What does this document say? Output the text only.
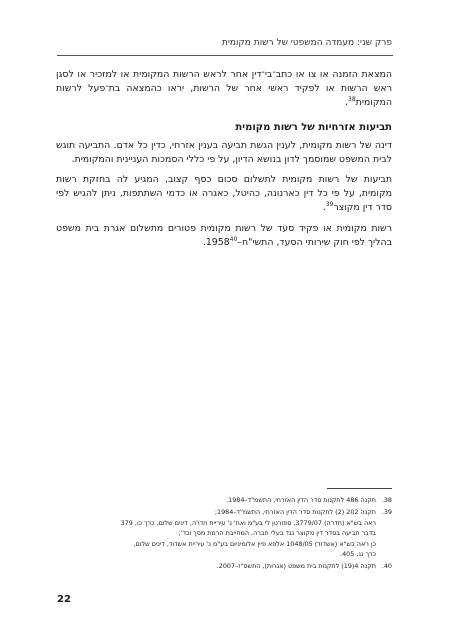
פרק שני: מעמדה המשפטי של רשות מקומית

המצאת הזמנה או צו או כתב־בי־דין אחר לראש הרשות המקומית או למזכיר או לסגן ראש הרשות או לפקיד ראשי אחר של הרשות, יראו כהמצאה בת־פעל לרשות המקומית$^{38}$.

תביעות אזרחיות של רשות מקומית

דינה של רשות מקומית, לענין הגשת תביעה בענין אזרחי, כדין כל אדם. התביעה תוגש לבית המשפט שמוסמך לדון בנושא הדיון, על פי כללי הסמכות העניינית והמקומית.

תביעות של רשות מקומית לתשלום סכום כסף קצוב, המגיע לה בחזקת רשות מקומית, על פי כל דין כארנונה, כהיטל, כאגרה או כדמי השתתפות, ניתן להגיש לפי סדר דין מקוצר$^{39}$.

רשות מקומית או פקיד סעד של רשות מקומית פטורים מתשלום אגרת בית משפט בהליך לפי חוק שירותי הסעד, התשי"ח–1958$^{40}$.

38.
תקנה 486 לתקנות סדר הדין האזרחי, התשמ"ד–1984.
39.
תקנה 202 (2) לתקנות סדר הדין האזרחי, התשמ"ד–1984;
ראה בש"א (חדרה) 3779/07, ספורטן לי בע"מ ואח' נ' עיריית חדרה, דינים שלום, כרך כו, 379
בדבר תביעה בסדר דין מקוצר נגד בעלי חברה, המחייבת הרמת מסך וכד';
כן ראה בש"א (אשדוד) 1048/05 אלפא פיין אלומיניום בע"מ נ' עיריית אשדוד, דינים שלום,
כרך נג, 405.
40.
תקנה 4(19) לתקנות בית משפט (אגרות), התשס"ז–2007.
22
